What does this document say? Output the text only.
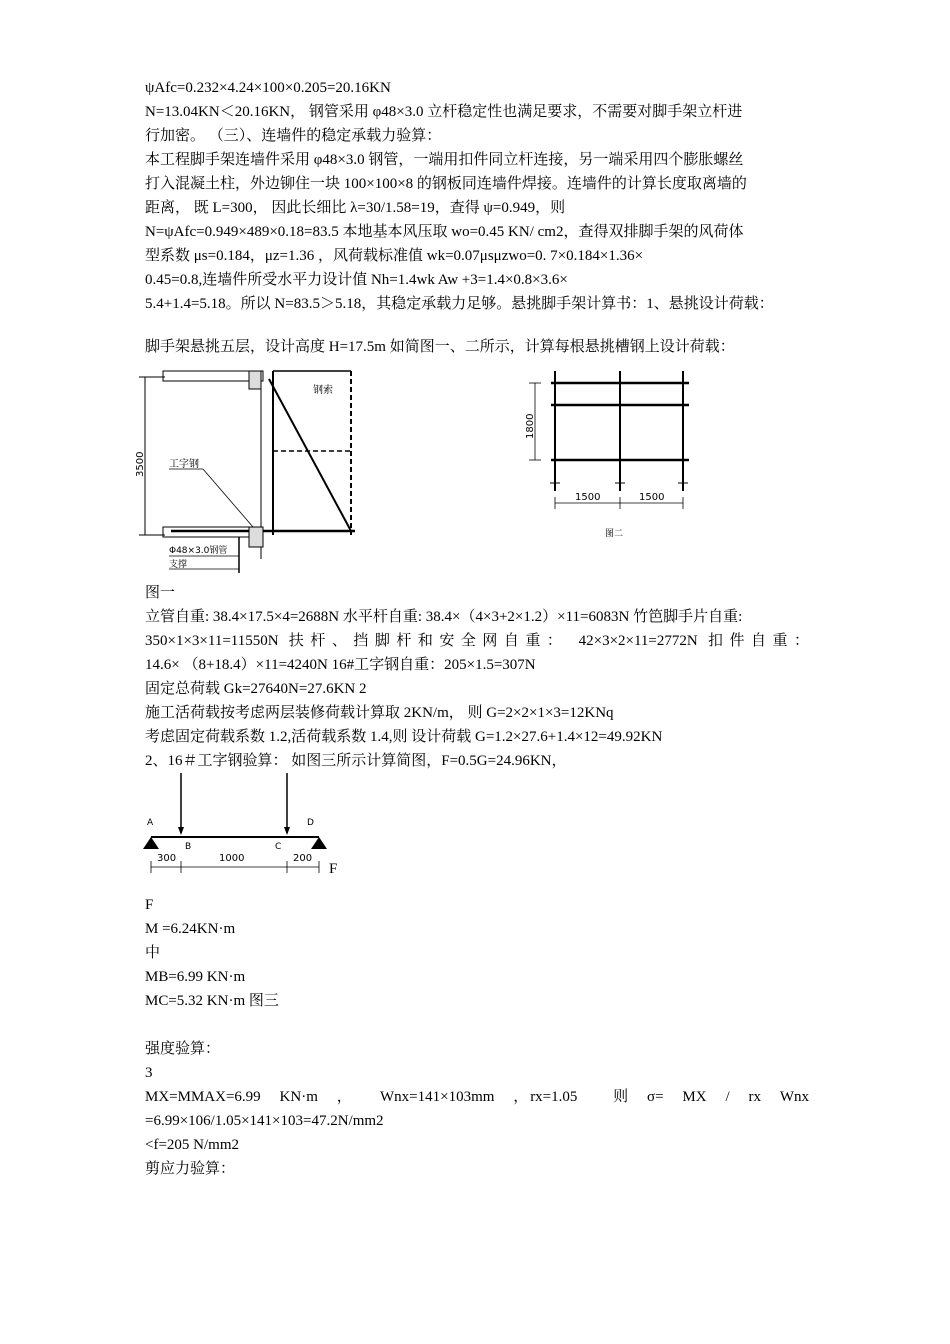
ψAfc=0.232×4.24×100×0.205=20.16KN
N=13.04KN＜20.16KN， 钢管采用 φ48×3.0 立杆稳定性也满足要求，不需要对脚手架立杆进
行加密。 （三）、连墙件的稳定承载力验算：
本工程脚手架连墙件采用 φ48×3.0 钢管，一端用扣件同立杆连接，另一端采用四个膨胀螺丝
打入混凝土柱，外边铆住一块 100×100×8 的钢板同连墙件焊接。连墙件的计算长度取离墙的
距离， 既 L=300， 因此长细比 λ=30/1.58=19，查得 ψ=0.949，则
N=ψAfc=0.949×489×0.18=83.5 本地基本风压取 wo=0.45 KN/ cm2，查得双排脚手架的风荷体
型系数 μs=0.184，μz=1.36 ，风荷载标准值 wk=0.07μsμzwo=0. 7×0.184×1.36×
0.45=0.8,连墙件所受水平力设计值 Nh=1.4wk Aw +3=1.4×0.8×3.6×
5.4+1.4=5.18。所以 N=83.5＞5.18，其稳定承载力足够。悬挑脚手架计算书：1、悬挑设计荷载：
脚手架悬挑五层，设计高度 H=17.5m 如简图一、二所示，计算每根悬挑槽钢上设计荷载：
3500
钢索
工字钢
Φ48×3.0钢管
支撑
1800
1500	1500
图二
图一
立管自重: 38.4×17.5×4=2688N 水平杆自重: 38.4×（4×3+2×1.2）×11=6083N 竹笆脚手片自重:
350×1×3×11=11550N 扶杆、挡脚杆和安全网自重： 42×3×2×11=2772N 扣件自重：
14.6× （8+18.4）×11=4240N 16#工字钢自重：205×1.5=307N
固定总荷载 Gk=27640N=27.6KN 2
施工活荷载按考虑两层装修荷载计算取 2KN/m， 则 G=2×2×1×3=12KNq
考虑固定荷载系数 1.2,活荷载系数 1.4,则 设计荷载 G=1.2×27.6+1.4×12=49.92KN
2、16＃工字钢验算： 如图三所示计算简图，F=0.5G=24.96KN，
A
B	C
D
300	1000	200
F
F
M =6.24KN·m
中
MB=6.99 KN·m
MC=5.32 KN·m 图三
强度验算：
3
MX=MMAX=6.99　KN·m　，　　Wnx=141×103mm　，rx=1.05　　则　σ=　MX　/　rx　Wnx
=6.99×106/1.05×141×103=47.2N/mm2
<f=205 N/mm2
剪应力验算：
